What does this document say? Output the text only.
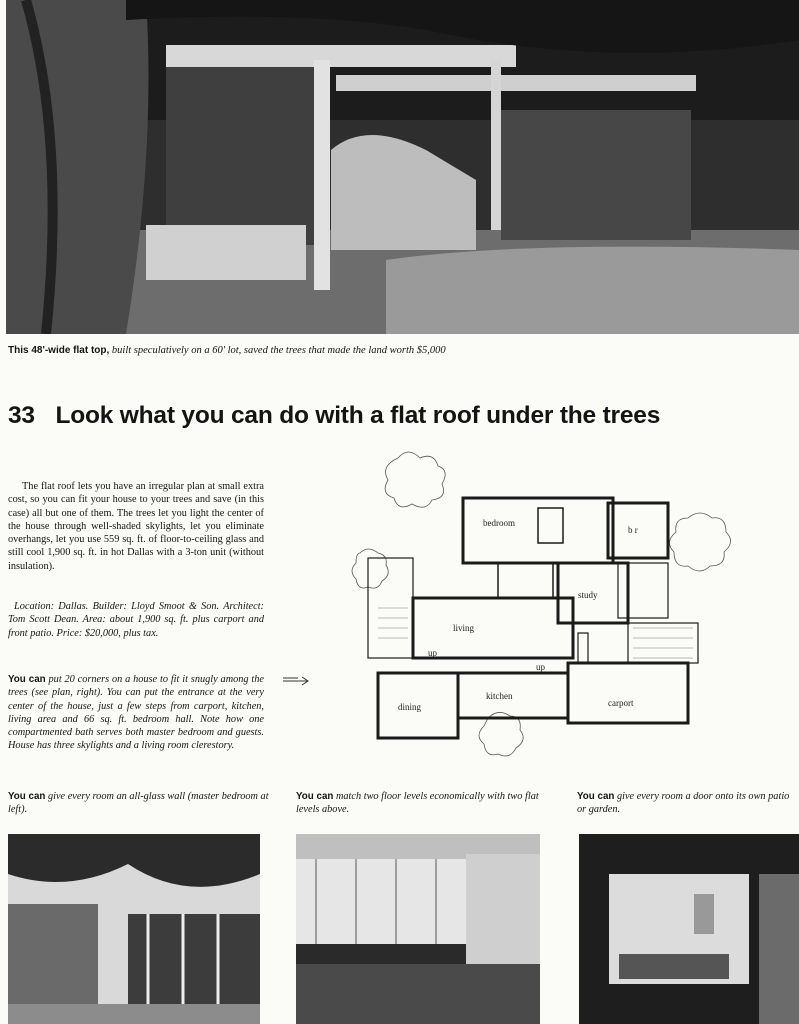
This 48'-wide flat top, built speculatively on a 60' lot, saved the trees that made the land worth $5,000
33 Look what you can do with a flat roof under the trees
The flat roof lets you have an irregular plan at small extra cost, so you can fit your house to your trees and save (in this case) all but one of them. The trees let you light the center of the house through well-shaded skylights, let you eliminate overhangs, let you use 559 sq. ft. of floor-to-ceiling glass and still cool 1,900 sq. ft. in hot Dallas with a 3-ton unit (without insulation).
Location: Dallas. Builder: Lloyd Smoot & Son. Architect: Tom Scott Dean. Area: about 1,900 sq. ft. plus carport and front patio. Price: $20,000, plus tax.
You can put 20 corners on a house to fit it snugly among the trees (see plan, right). You can put the entrance at the very center of the house, just a few steps from carport, kitchen, living area and 66 sq. ft. bedroom hall. Note how one compartmented bath serves both master bedroom and guests. House has three skylights and a living room clerestory.
bedroom
b r
study
living
up
up
kitchen
dining	carport
You can give every room an all-glass wall (master bedroom at left).
You can match two floor levels economically with two flat levels above.
You can give every room a door onto its own patio or garden.
